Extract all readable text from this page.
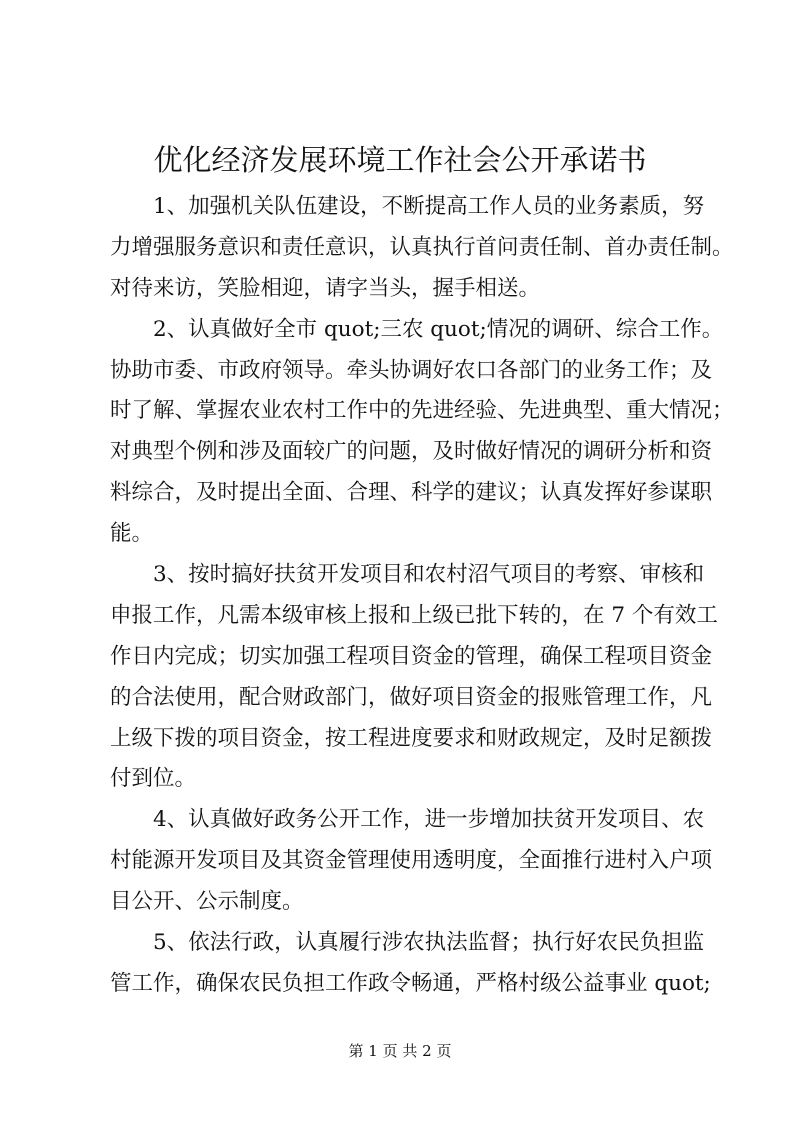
优化经济发展环境工作社会公开承诺书
1、加强机关队伍建设，不断提高工作人员的业务素质，努
力增强服务意识和责任意识，认真执行首问责任制、首办责任制。
对待来访，笑脸相迎，请字当头，握手相送。
2、认真做好全市 quot;三农 quot;情况的调研、综合工作。
协助市委、市政府领导。牵头协调好农口各部门的业务工作；及
时了解、掌握农业农村工作中的先进经验、先进典型、重大情况；
对典型个例和涉及面较广的问题，及时做好情况的调研分析和资
料综合，及时提出全面、合理、科学的建议；认真发挥好参谋职
能。
3、按时搞好扶贫开发项目和农村沼气项目的考察、审核和
申报工作，凡需本级审核上报和上级已批下转的，在 7 个有效工
作日内完成；切实加强工程项目资金的管理，确保工程项目资金
的合法使用，配合财政部门，做好项目资金的报账管理工作，凡
上级下拨的项目资金，按工程进度要求和财政规定，及时足额拨
付到位。
4、认真做好政务公开工作，进一步增加扶贫开发项目、农
村能源开发项目及其资金管理使用透明度，全面推行进村入户项
目公开、公示制度。
5、依法行政，认真履行涉农执法监督；执行好农民负担监
管工作，确保农民负担工作政令畅通，严格村级公益事业 quot;
第 1 页 共 2 页
